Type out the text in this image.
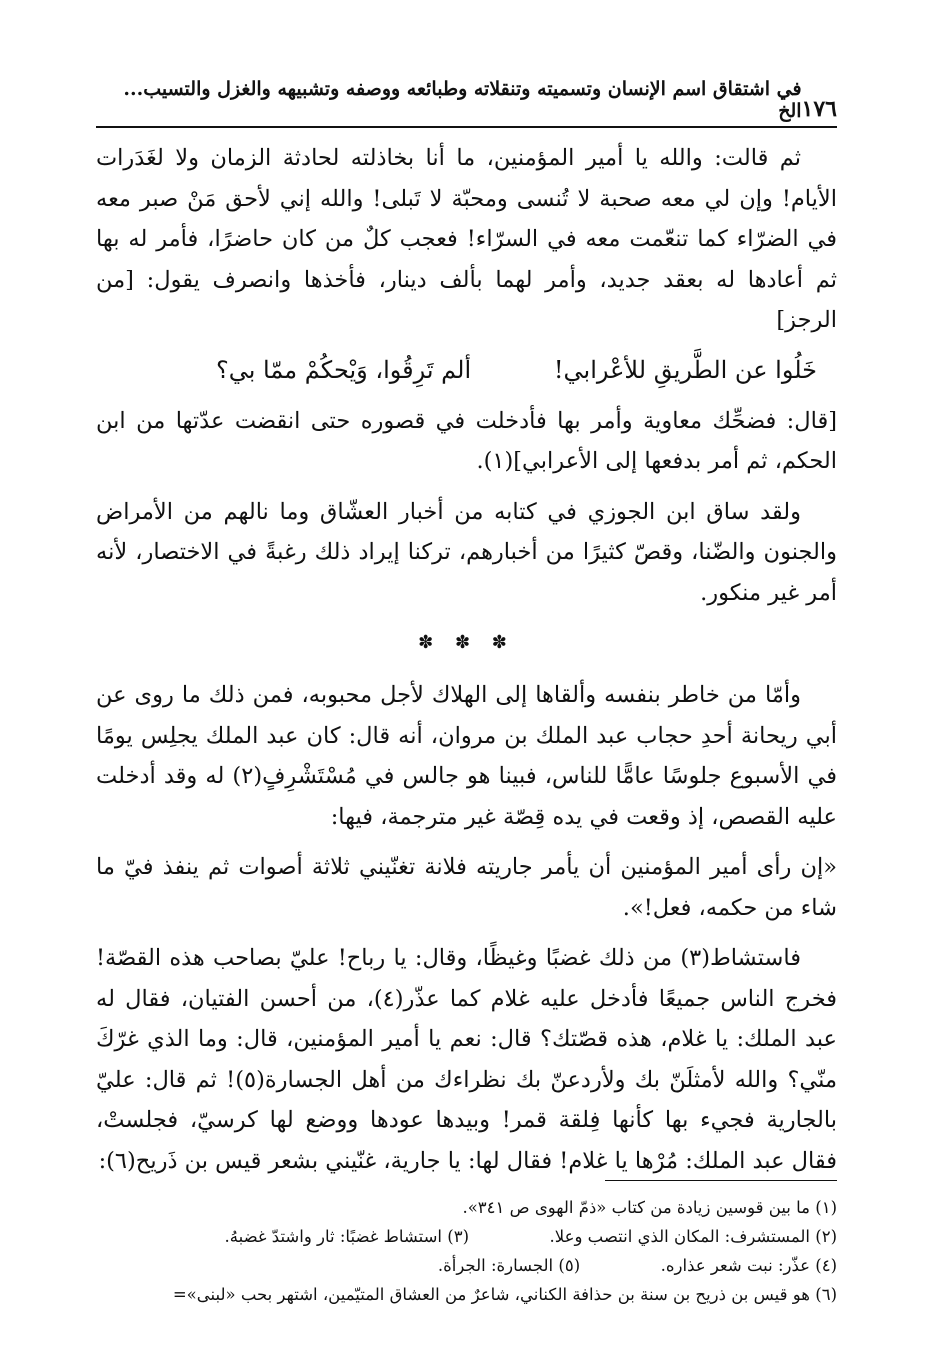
١٧٦
في اشتقاق اسم الإنسان وتسميته وتنقلاته وطبائعه ووصفه وتشبيهه والغزل والتسيب... الخ

ثم قالت: والله يا أمير المؤمنين، ما أنا بخاذلته لحادثة الزمان ولا لغَدَرات الأيام! وإن لي معه صحبة لا تُنسى ومحبّة لا تَبلى! والله إني لأحق مَنْ صبر معه في الضرّاء كما تنعّمت معه في السرّاء! فعجب كلٌ من كان حاضرًا، فأمر له بها ثم أعادها له بعقد جديد، وأمر لهما بألف دينار، فأخذها وانصرف يقول: [من الرجز]

خَلُوا عن الطَّريقِ للأعْرابي!
ألم تَرِقُوا، وَيْحكُمْ ممّا بي؟

[قال: فضحِّك معاوية وأمر بها فأدخلت في قصوره حتى انقضت عدّتها من ابن الحكم، ثم أمر بدفعها إلى الأعرابي](١).

ولقد ساق ابن الجوزي في كتابه من أخبار العشّاق وما نالهم من الأمراض والجنون والضّنا، وقصّ كثيرًا من أخبارهم، تركنا إيراد ذلك رغبةً في الاختصار، لأنه أمر غير منكور.

✽ ✽ ✽

وأمّا من خاطر بنفسه وألقاها إلى الهلاك لأجل محبوبه، فمن ذلك ما روى عن أبي ريحانة أحدِ حجاب عبد الملك بن مروان، أنه قال: كان عبد الملك يجلِس يومًا في الأسبوع جلوسًا عامًّا للناس، فبينا هو جالس في مُسْتَشْرِفٍ(٢) له وقد أدخلت عليه القصص، إذ وقعت في يده قِصّة غير مترجمة، فيها:

«إن رأى أمير المؤمنين أن يأمر جاريته فلانة تغنّيني ثلاثة أصوات ثم ينفذ فيّ ما شاء من حكمه، فعل!».

فاستشاط(٣) من ذلك غضبًا وغيظًا، وقال: يا رباح! عليّ بصاحب هذه القصّة! فخرج الناس جميعًا فأدخل عليه غلام كما عذّر(٤)، من أحسن الفتيان، فقال له عبد الملك: يا غلام، هذه قصّتك؟ قال: نعم يا أمير المؤمنين، قال: وما الذي غرّكَ منّي؟ والله لأمثلَنّ بك ولأردعنّ بك نظراءك من أهل الجسارة(٥)! ثم قال: عليّ بالجارية فجيء بها كأنها فِلقة قمر! وبيدها عودها ووضع لها كرسيّ، فجلستْ، فقال عبد الملك: مُرْها يا غلام! فقال لها: يا جارية، غنّيني بشعر قيس بن ذَريح(٦):

(١) ما بين قوسين زيادة من كتاب «ذمّ الهوى ص ٣٤١».
(٢) المستشرف: المكان الذي انتصب وعلا.  (٣) استشاط غضبًا: ثار واشتدّ غضبهُ.
(٤) عذّر: نبت شعر عذاره.  (٥) الجسارة: الجرأة.
(٦) هو قيس بن ذريح بن سنة بن حذافة الكناني، شاعرٌ من العشاق المتيّمين، اشتهر بحب «لبنى»=
